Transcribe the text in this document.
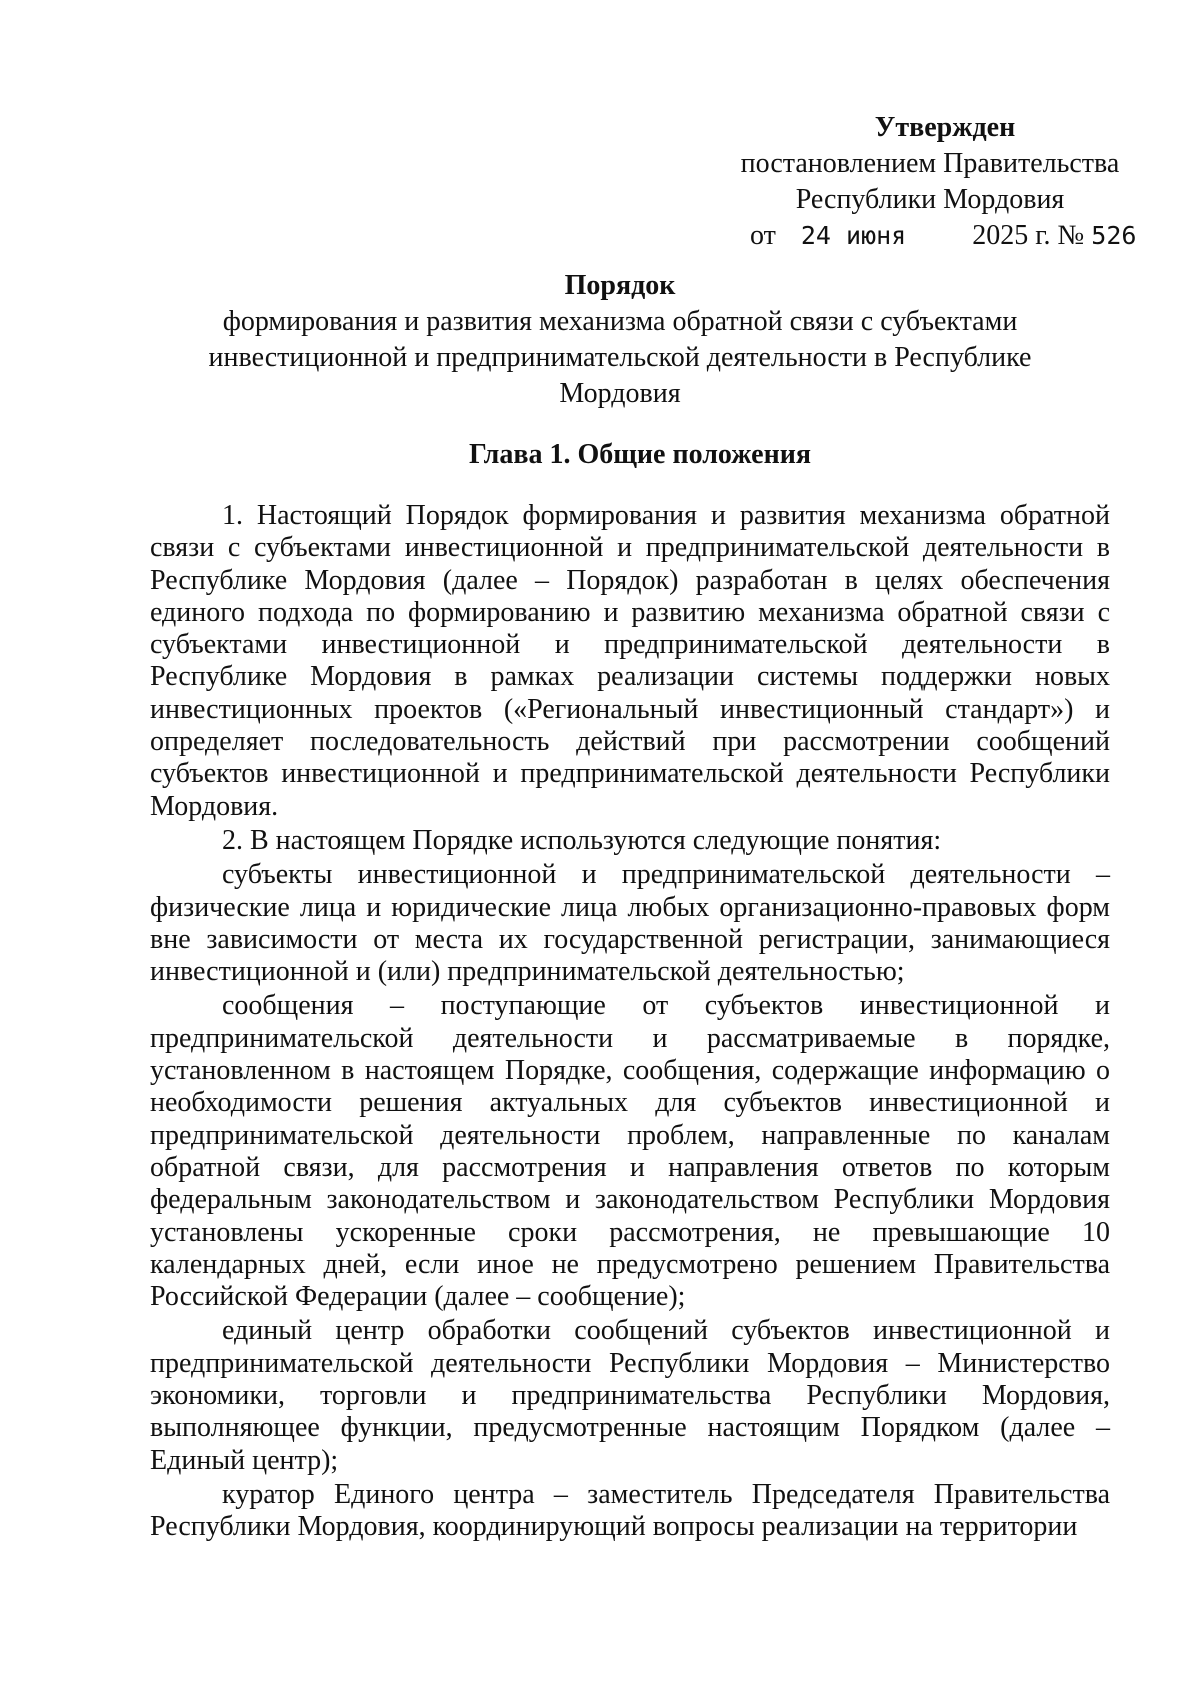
Утвержден
постановлением Правительства
Республики Мордовия
от 24 июня 2025 г. № 526
Порядок
формирования и развития механизма обратной связи с субъектами
инвестиционной и предпринимательской деятельности в Республике
Мордовия
Глава 1. Общие положения

1. Настоящий Порядок формирования и развития механизма обратной связи с субъектами инвестиционной и предпринимательской деятельности в Республике Мордовия (далее – Порядок) разработан в целях обеспечения единого подхода по формированию и развитию механизма обратной связи с субъектами инвестиционной и предпринимательской деятельности в Республике Мордовия в рамках реализации системы поддержки новых инвестиционных проектов («Региональный инвестиционный стандарт») и определяет последовательность действий при рассмотрении сообщений субъектов инвестиционной и предпринимательской деятельности Республики Мордовия.

2. В настоящем Порядке используются следующие понятия:

субъекты инвестиционной и предпринимательской деятельности – физические лица и юридические лица любых организационно-правовых форм вне зависимости от места их государственной регистрации, занимающиеся инвестиционной и (или) предпринимательской деятельностью;

сообщения – поступающие от субъектов инвестиционной и предпринимательской деятельности и рассматриваемые в порядке, установленном в настоящем Порядке, сообщения, содержащие информацию о необходимости решения актуальных для субъектов инвестиционной и предпринимательской деятельности проблем, направленные по каналам обратной связи, для рассмотрения и направления ответов по которым федеральным законодательством и законодательством Республики Мордовия установлены ускоренные сроки рассмотрения, не превышающие 10 календарных дней, если иное не предусмотрено решением Правительства Российской Федерации (далее – сообщение);

единый центр обработки сообщений субъектов инвестиционной и предпринимательской деятельности Республики Мордовия – Министерство экономики, торговли и предпринимательства Республики Мордовия, выполняющее функции, предусмотренные настоящим Порядком (далее – Единый центр);

куратор Единого центра – заместитель Председателя Правительства Республики Мордовия, координирующий вопросы реализации на территории
